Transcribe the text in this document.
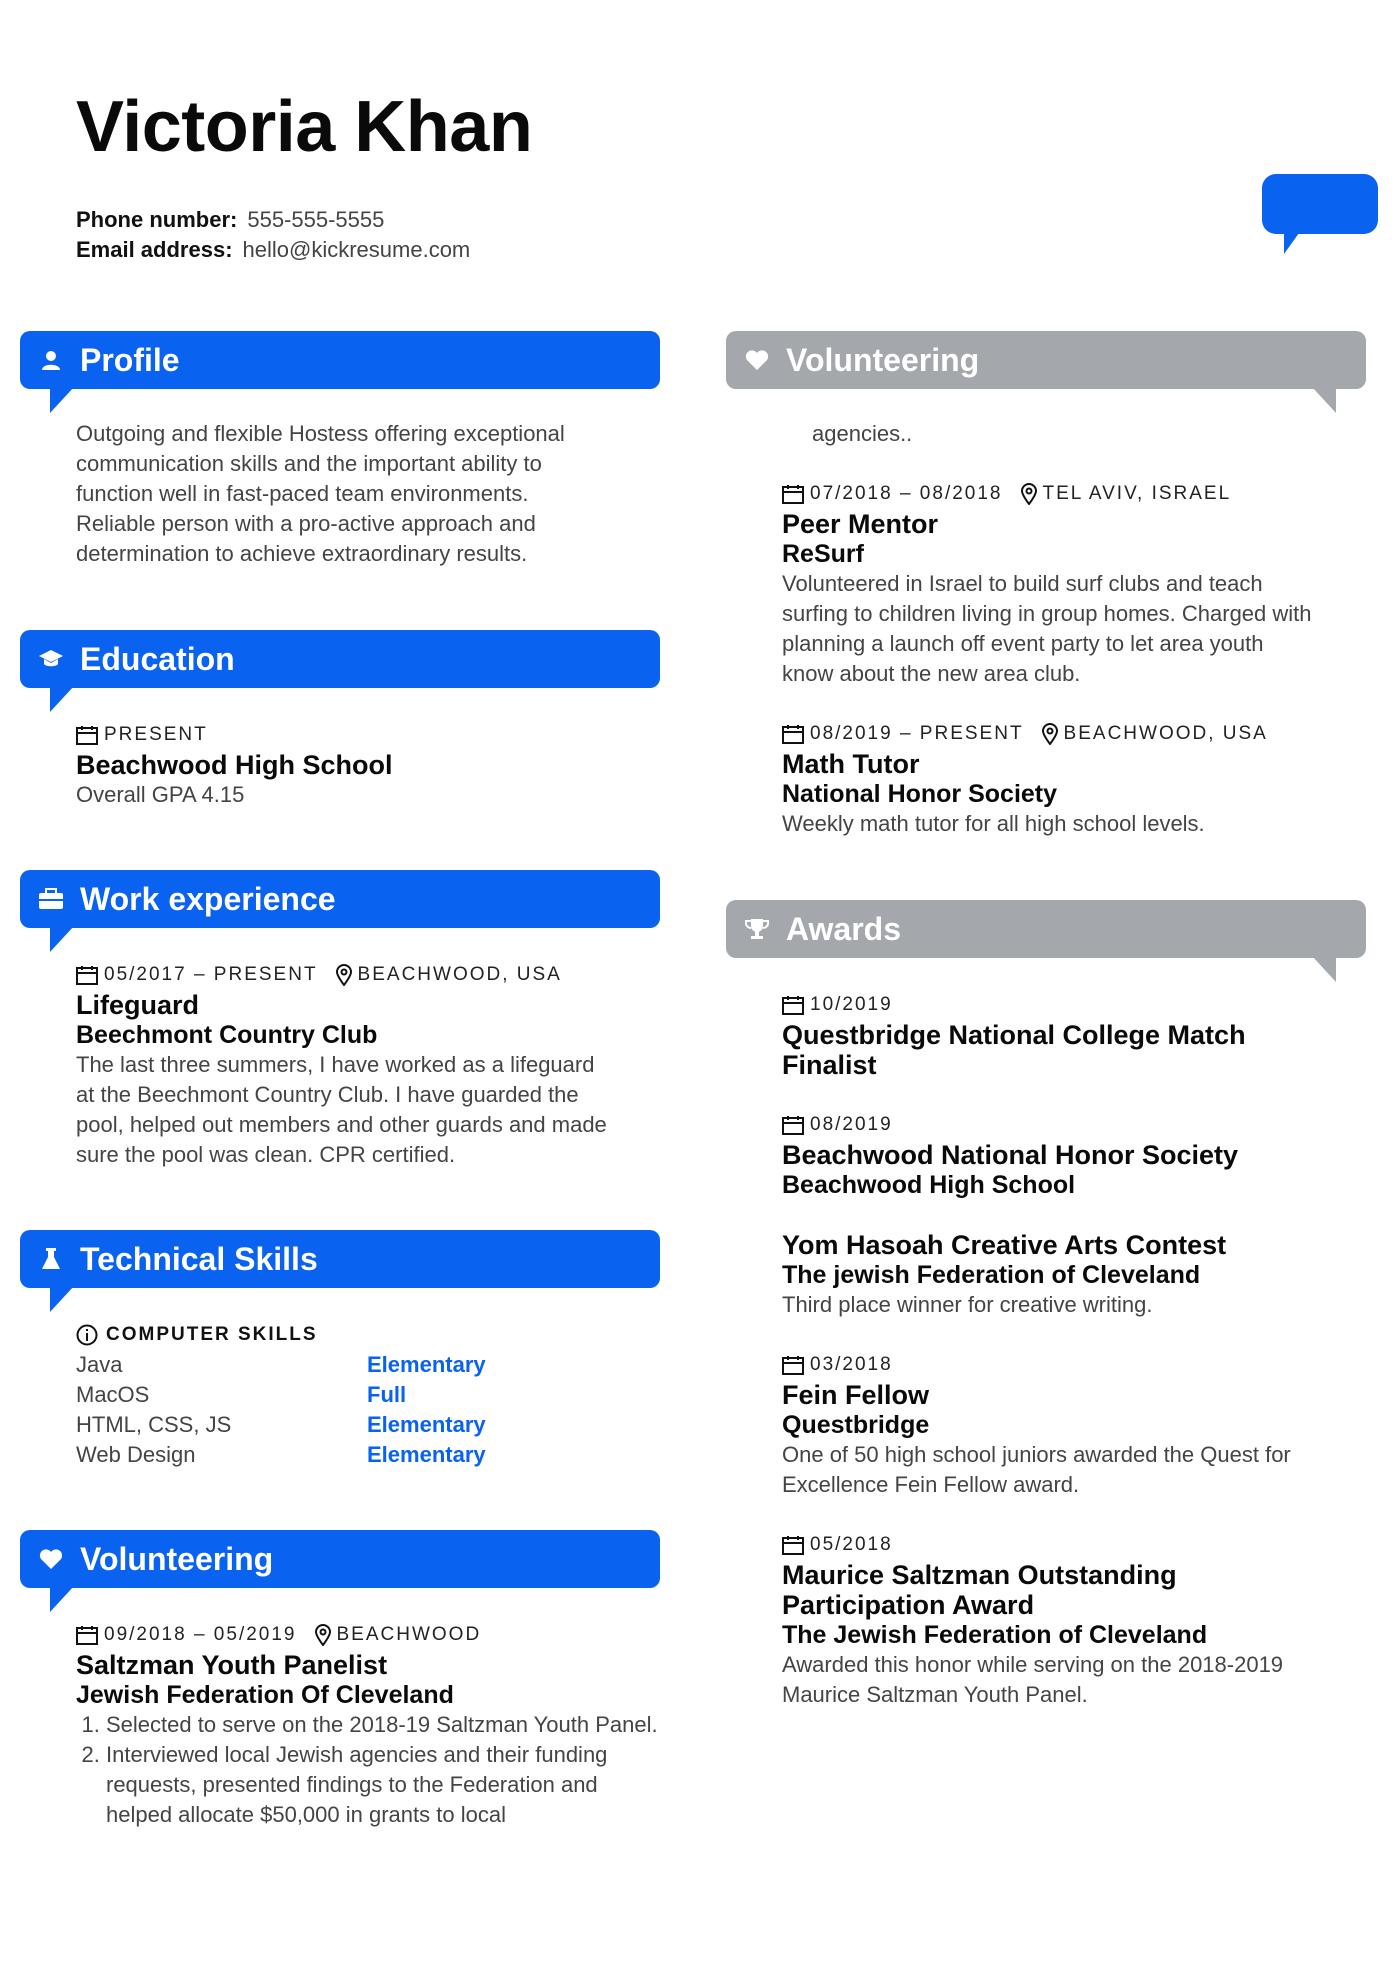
Victoria Khan
Phone number: 555-555-5555
Email address: hello@kickresume.com
Profile
Outgoing and flexible Hostess offering exceptional
communication skills and the important ability to
function well in fast-paced team environments.
Reliable person with a pro-active approach and
determination to achieve extraordinary results.
Education
PRESENT
Beachwood High School
Overall GPA 4.15
Work experience
05/2017 – PRESENT BEACHWOOD, USA
Lifeguard
Beechmont Country Club
The last three summers, I have worked as a lifeguard
at the Beechmont Country Club. I have guarded the
pool, helped out members and other guards and made
sure the pool was clean. CPR certified.
Technical Skills
COMPUTER SKILLS
Java	Elementary
MacOS	Full
HTML, CSS, JS	Elementary
Web Design	Elementary
Volunteering
09/2018 – 05/2019 BEACHWOOD
Saltzman Youth Panelist
Jewish Federation Of Cleveland
1. Selected to serve on the 2018-19 Saltzman Youth Panel.
2. Interviewed local Jewish agencies and their funding requests, presented findings to the Federation and helped allocate $50,000 in grants to local
Volunteering
agencies..
07/2018 – 08/2018 TEL AVIV, ISRAEL
Peer Mentor
ReSurf
Volunteered in Israel to build surf clubs and teach
surfing to children living in group homes. Charged with
planning a launch off event party to let area youth
know about the new area club.
08/2019 – PRESENT BEACHWOOD, USA
Math Tutor
National Honor Society
Weekly math tutor for all high school levels.
Awards
10/2019
Questbridge National College Match
Finalist
08/2019
Beachwood National Honor Society
Beachwood High School
Yom Hasoah Creative Arts Contest
The jewish Federation of Cleveland
Third place winner for creative writing.
03/2018
Fein Fellow
Questbridge
One of 50 high school juniors awarded the Quest for
Excellence Fein Fellow award.
05/2018
Maurice Saltzman Outstanding
Participation Award
The Jewish Federation of Cleveland
Awarded this honor while serving on the 2018-2019
Maurice Saltzman Youth Panel.
